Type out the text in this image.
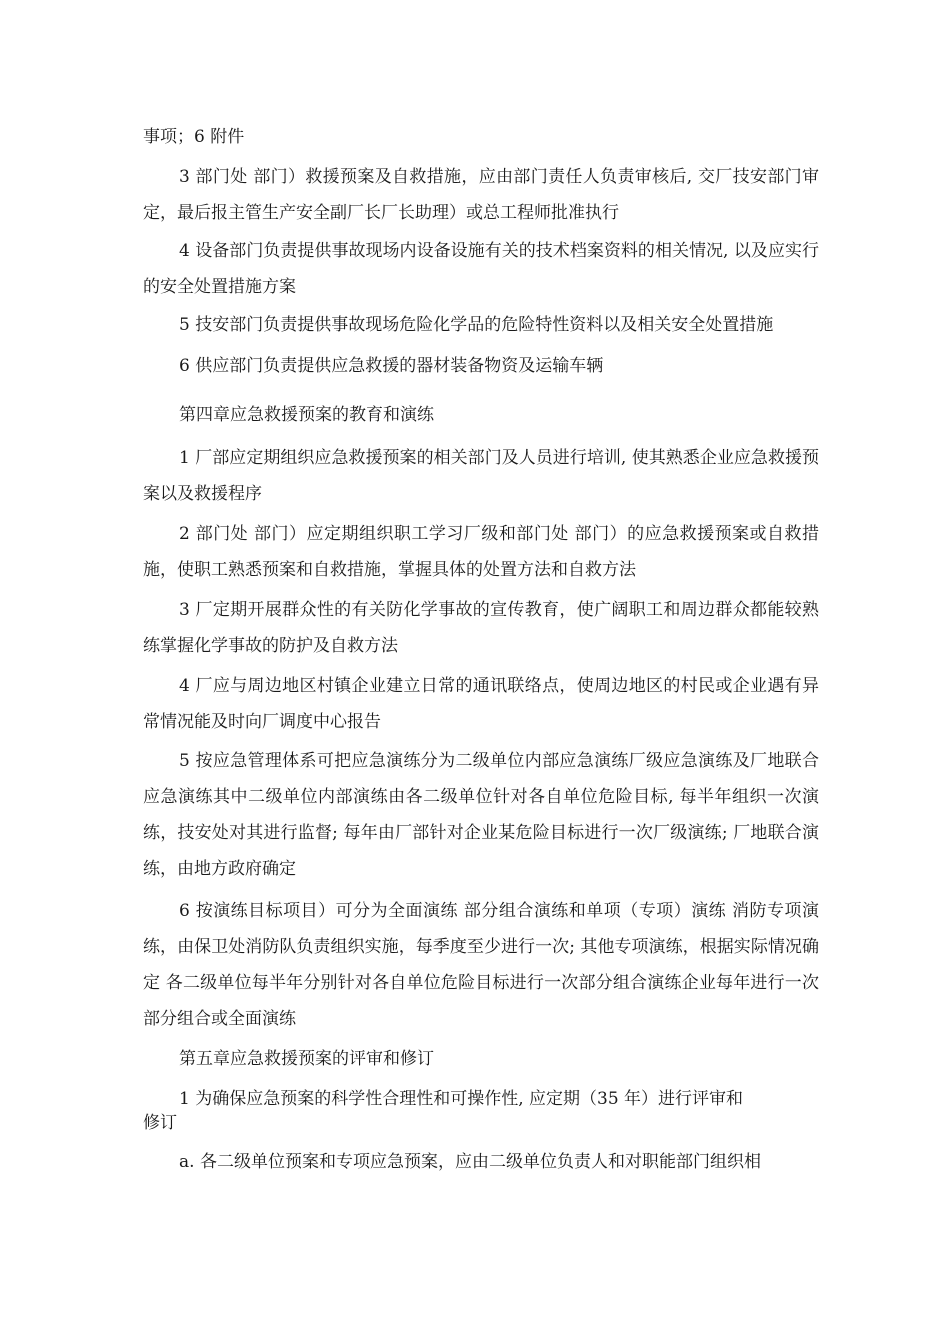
事项；6 附件

3 部门处 部门）救援预案及自救措施，应由部门责任人负责审核后, 交厂技安部门审定，最后报主管生产安全副厂长厂长助理）或总工程师批准执行

4 设备部门负责提供事故现场内设备设施有关的技术档案资料的相关情况, 以及应实行的安全处置措施方案

5 技安部门负责提供事故现场危险化学品的危险特性资料以及相关安全处置措施

6 供应部门负责提供应急救援的器材装备物资及运输车辆

第四章应急救援预案的教育和演练

1 厂部应定期组织应急救援预案的相关部门及人员进行培训, 使其熟悉企业应急救援预案以及救援程序

2 部门处 部门）应定期组织职工学习厂级和部门处 部门）的应急救援预案或自救措施，使职工熟悉预案和自救措施，掌握具体的处置方法和自救方法

3 厂定期开展群众性的有关防化学事故的宣传教育，使广阔职工和周边群众都能较熟练掌握化学事故的防护及自救方法

4 厂应与周边地区村镇企业建立日常的通讯联络点，使周边地区的村民或企业遇有异常情况能及时向厂调度中心报告

5 按应急管理体系可把应急演练分为二级单位内部应急演练厂级应急演练及厂地联合应急演练其中二级单位内部演练由各二级单位针对各自单位危险目标, 每半年组织一次演练，技安处对其进行监督; 每年由厂部针对企业某危险目标进行一次厂级演练; 厂地联合演练，由地方政府确定

6 按演练目标项目）可分为全面演练 部分组合演练和单项（专项）演练 消防专项演练，由保卫处消防队负责组织实施，每季度至少进行一次; 其他专项演练，根据实际情况确定 各二级单位每半年分别针对各自单位危险目标进行一次部分组合演练企业每年进行一次部分组合或全面演练

第五章应急救援预案的评审和修订

1 为确保应急预案的科学性合理性和可操作性, 应定期（35 年）进行评审和

修订

a. 各二级单位预案和专项应急预案，应由二级单位负责人和对职能部门组织相
